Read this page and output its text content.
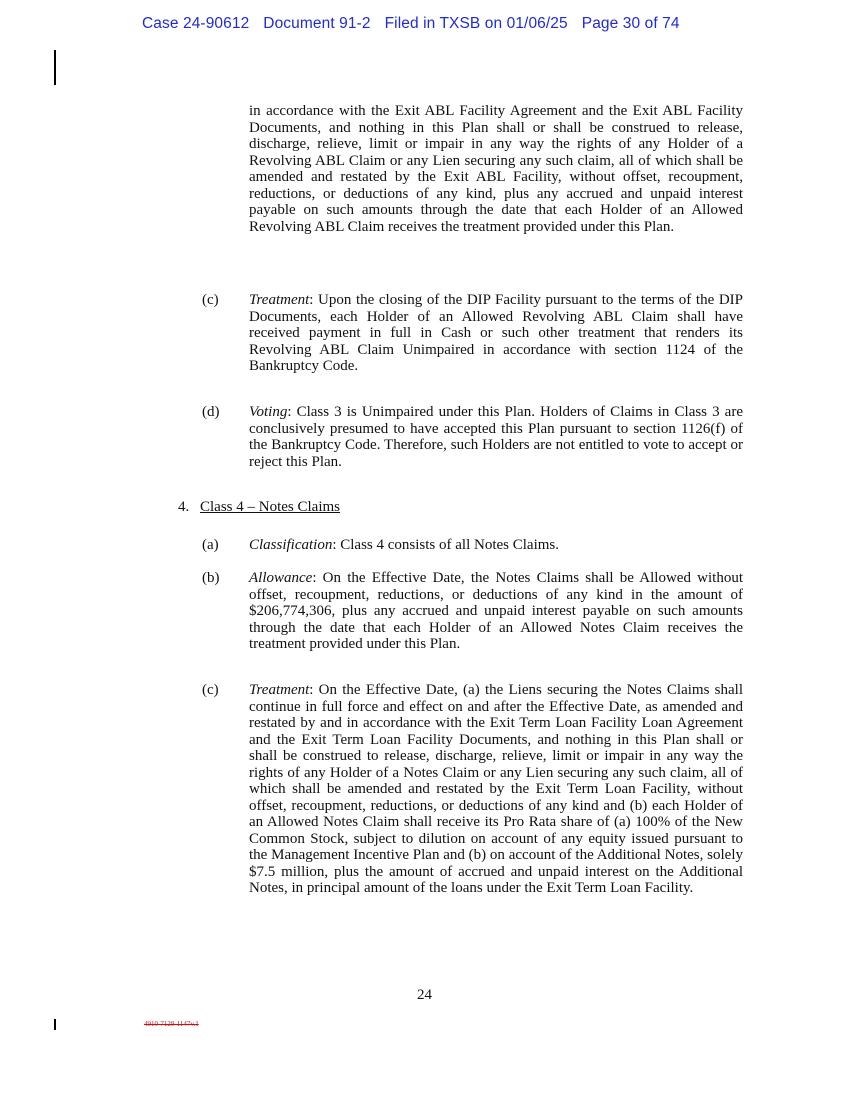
Case 24-90612 Document 91-2 Filed in TXSB on 01/06/25 Page 30 of 74

in accordance with the Exit ABL Facility Agreement and the Exit ABL Facility Documents, and nothing in this Plan shall or shall be construed to release, discharge, relieve, limit or impair in any way the rights of any Holder of a Revolving ABL Claim or any Lien securing any such claim, all of which shall be amended and restated by the Exit ABL Facility, without offset, recoupment, reductions, or deductions of any kind, plus any accrued and unpaid interest payable on such amounts through the date that each Holder of an Allowed Revolving ABL Claim receives the treatment provided under this Plan.

(c) Treatment: Upon the closing of the DIP Facility pursuant to the terms of the DIP Documents, each Holder of an Allowed Revolving ABL Claim shall have received payment in full in Cash or such other treatment that renders its Revolving ABL Claim Unimpaired in accordance with section 1124 of the Bankruptcy Code.

(d) Voting: Class 3 is Unimpaired under this Plan. Holders of Claims in Class 3 are conclusively presumed to have accepted this Plan pursuant to section 1126(f) of the Bankruptcy Code. Therefore, such Holders are not entitled to vote to accept or reject this Plan.

4. Class 4 – Notes Claims
(a) Classification: Class 4 consists of all Notes Claims.

(b) Allowance: On the Effective Date, the Notes Claims shall be Allowed without offset, recoupment, reductions, or deductions of any kind in the amount of $206,774,306, plus any accrued and unpaid interest payable on such amounts through the date that each Holder of an Allowed Notes Claim receives the treatment provided under this Plan.

(c) Treatment: On the Effective Date, (a) the Liens securing the Notes Claims shall continue in full force and effect on and after the Effective Date, as amended and restated by and in accordance with the Exit Term Loan Facility Loan Agreement and the Exit Term Loan Facility Documents, and nothing in this Plan shall or shall be construed to release, discharge, relieve, limit or impair in any way the rights of any Holder of a Notes Claim or any Lien securing any such claim, all of which shall be amended and restated by the Exit Term Loan Facility, without offset, recoupment, reductions, or deductions of any kind and (b) each Holder of an Allowed Notes Claim shall receive its Pro Rata share of (a) 100% of the New Common Stock, subject to dilution on account of any equity issued pursuant to the Management Incentive Plan and (b) on account of the Additional Notes, solely $7.5 million, plus the amount of accrued and unpaid interest on the Additional Notes, in principal amount of the loans under the Exit Term Loan Facility.

24
4910-7129-1147v.1
